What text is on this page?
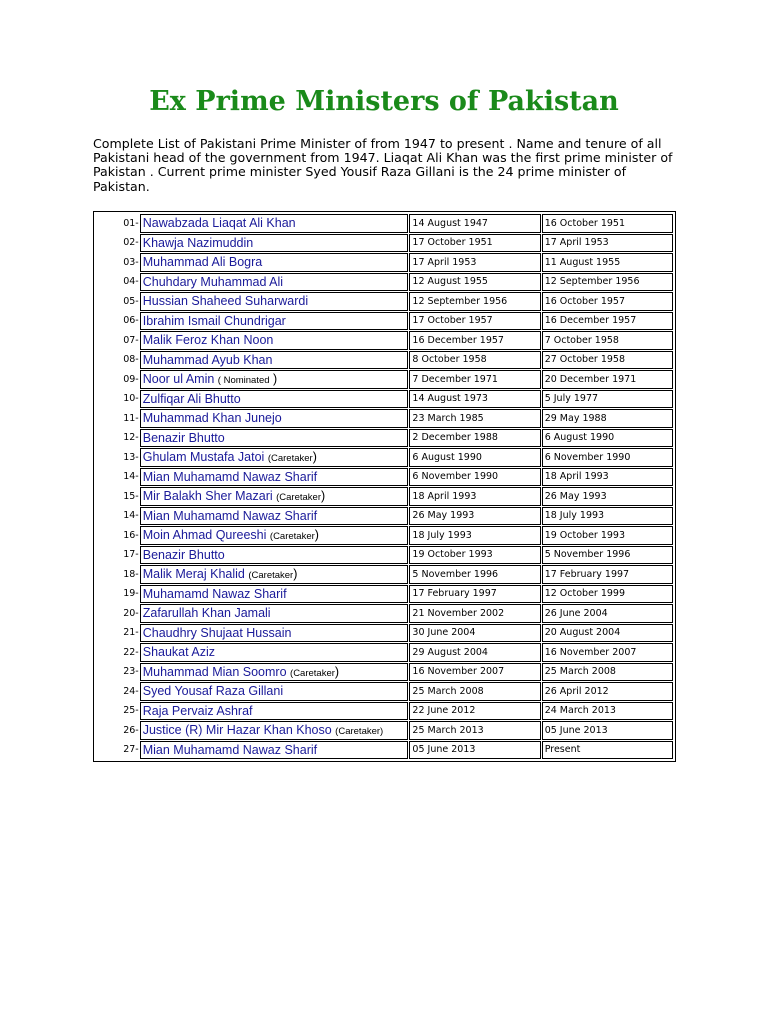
Ex Prime Ministers of Pakistan

Complete List of Pakistani Prime Minister of from 1947 to present . Name and tenure of all Pakistani head of the government from 1947. Liaqat Ali Khan was the first prime minister of Pakistan . Current prime minister Syed Yousif Raza Gillani is the 24 prime minister of Pakistan.

01-	Nawabzada Liaqat Ali Khan	14 August 1947	16 October 1951
02-	Khawja Nazimuddin	17 October 1951	17 April 1953
03-	Muhammad Ali Bogra	17 April 1953	11 August 1955
04-	Chuhdary Muhammad Ali	12 August 1955	12 September 1956
05-	Hussian Shaheed Suharwardi	12 September 1956	16 October 1957
06-	Ibrahim Ismail Chundrigar	17 October 1957	16 December 1957
07-	Malik Feroz Khan Noon	16 December 1957	7 October 1958
08-	Muhammad Ayub Khan	8 October 1958	27 October 1958
09-	Noor ul Amin ( Nominated )	7 December 1971	20 December 1971
10-	Zulfiqar Ali Bhutto	14 August 1973	5 July 1977
11-	Muhammad Khan Junejo	23 March 1985	29 May 1988
12-	Benazir Bhutto	2 December 1988	6 August 1990
13-	Ghulam Mustafa Jatoi (Caretaker)	6 August 1990	6 November 1990
14-	Mian Muhamamd Nawaz Sharif	6 November 1990	18 April 1993
15-	Mir Balakh Sher Mazari (Caretaker)	18 April 1993	26 May 1993
14-	Mian Muhamamd Nawaz Sharif	26 May 1993	18 July 1993
16-	Moin Ahmad Qureeshi (Caretaker)	18 July 1993	19 October 1993
17-	Benazir Bhutto	19 October 1993	5 November 1996
18-	Malik Meraj Khalid (Caretaker)	5 November 1996	17 February 1997
19-	Muhamamd Nawaz Sharif	17 February 1997	12 October 1999
20-	Zafarullah Khan Jamali	21 November 2002	26 June 2004
21-	Chaudhry Shujaat Hussain	30 June 2004	20 August 2004
22-	Shaukat Aziz	29 August 2004	16 November 2007
23-	Muhammad Mian Soomro (Caretaker)	16 November 2007	25 March 2008
24-	Syed Yousaf Raza Gillani	25 March 2008	26 April 2012
25-	Raja Pervaiz Ashraf	22 June 2012	24 March 2013
26-	Justice (R) Mir Hazar Khan Khoso (Caretaker)	25 March 2013	05 June 2013
27-	Mian Muhamamd Nawaz Sharif	05 June 2013	Present
